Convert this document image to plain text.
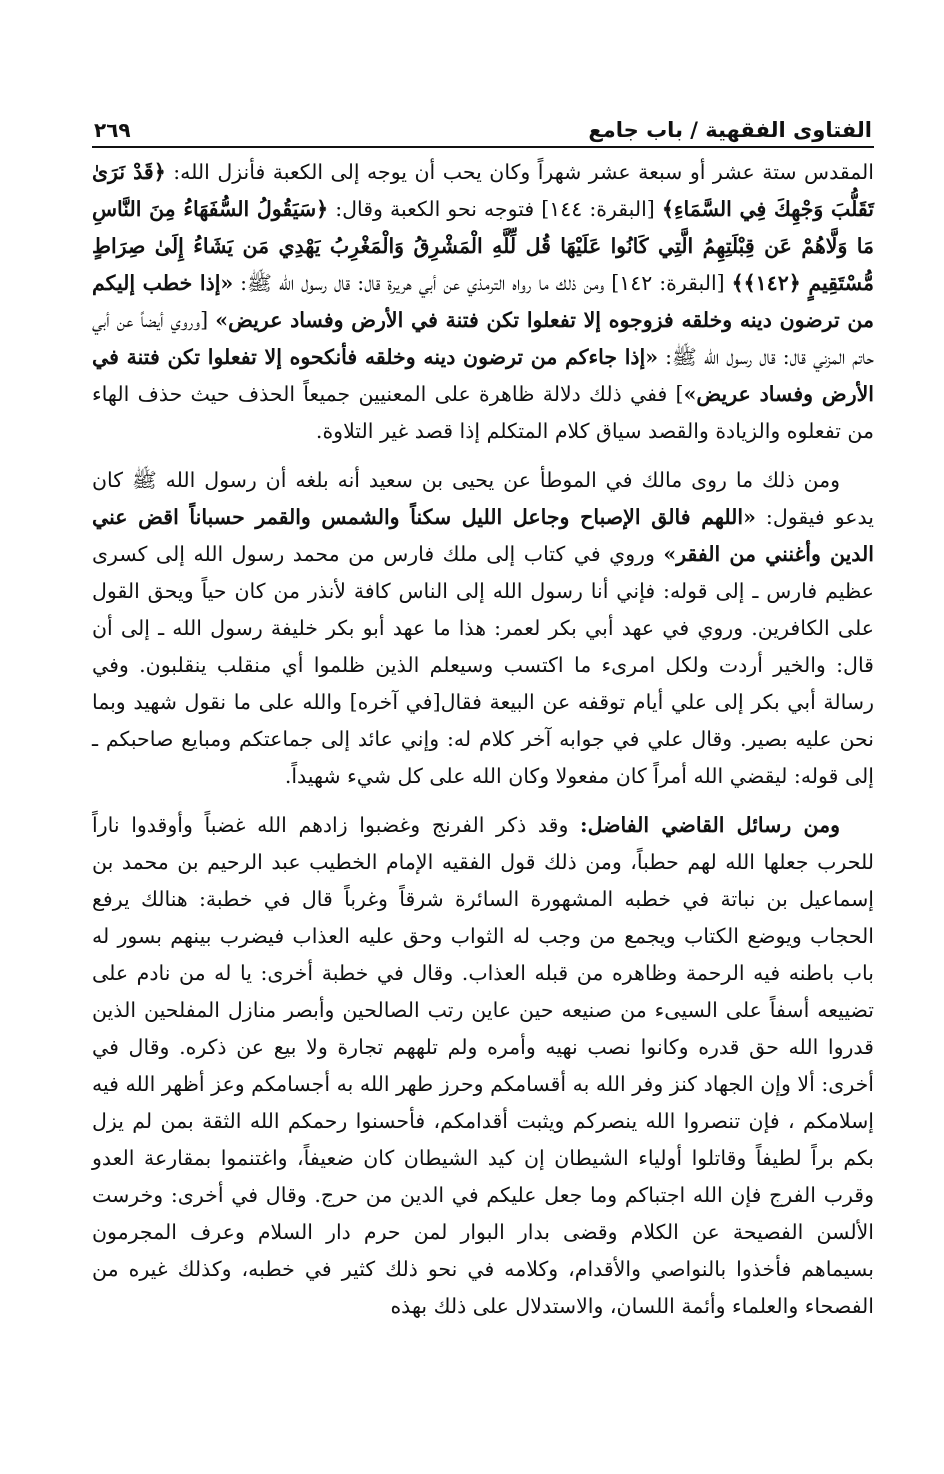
الفتاوى الفقهية / باب جامع
٢٦٩

المقدس ستة عشر أو سبعة عشر شهراً وكان يحب أن يوجه إلى الكعبة فأنزل الله: ﴿قَدْ نَرَىٰ تَقَلُّبَ وَجْهِكَ فِي السَّمَاءِ﴾ [البقرة: ١٤٤] فتوجه نحو الكعبة وقال: ﴿سَيَقُولُ السُّفَهَاءُ مِنَ النَّاسِ مَا وَلَّاهُمْ عَن قِبْلَتِهِمُ الَّتِي كَانُوا عَلَيْهَا قُل لِّلَّهِ الْمَشْرِقُ وَالْمَغْرِبُ يَهْدِي مَن يَشَاءُ إِلَىٰ صِرَاطٍ مُّسْتَقِيمٍ ﴿١٤٢﴾﴾ [البقرة: ١٤٢] ومن ذلك ما رواه الترمذي عن أبي هريرة قال: قال رسول الله ﷺ: «إذا خطب إليكم من ترضون دينه وخلقه فزوجوه إلا تفعلوا تكن فتنة في الأرض وفساد عريض» [وروي أيضاً عن أبي حاتم المزني قال: قال رسول الله ﷺ: «إذا جاءكم من ترضون دينه وخلقه فأنكحوه إلا تفعلوا تكن فتنة في الأرض وفساد عريض»] ففي ذلك دلالة ظاهرة على المعنيين جميعاً الحذف حيث حذف الهاء من تفعلوه والزيادة والقصد سياق كلام المتكلم إذا قصد غير التلاوة.

ومن ذلك ما روى مالك في الموطأ عن يحيى بن سعيد أنه بلغه أن رسول الله ﷺ كان يدعو فيقول: «اللهم فالق الإصباح وجاعل الليل سكناً والشمس والقمر حسباناً اقض عني الدين وأغنني من الفقر» وروي في كتاب إلى ملك فارس من محمد رسول الله إلى كسرى عظيم فارس ـ إلى قوله: فإني أنا رسول الله إلى الناس كافة لأنذر من كان حياً ويحق القول على الكافرين. وروي في عهد أبي بكر لعمر: هذا ما عهد أبو بكر خليفة رسول الله ـ إلى أن قال: والخير أردت ولكل امرىء ما اكتسب وسيعلم الذين ظلموا أي منقلب ينقلبون. وفي رسالة أبي بكر إلى علي أيام توقفه عن البيعة فقال[في آخره] والله على ما نقول شهيد وبما نحن عليه بصير. وقال علي في جوابه آخر كلام له: وإني عائد إلى جماعتكم ومبايع صاحبكم ـ إلى قوله: ليقضي الله أمراً كان مفعولا وكان الله على كل شيء شهيداً.

ومن رسائل القاضي الفاضل: وقد ذكر الفرنج وغضبوا زادهم الله غضباً وأوقدوا ناراً للحرب جعلها الله لهم حطباً، ومن ذلك قول الفقيه الإمام الخطيب عبد الرحيم بن محمد بن إسماعيل بن نباتة في خطبه المشهورة السائرة شرقاً وغرباً قال في خطبة: هنالك يرفع الحجاب ويوضع الكتاب ويجمع من وجب له الثواب وحق عليه العذاب فيضرب بينهم بسور له باب باطنه فيه الرحمة وظاهره من قبله العذاب. وقال في خطبة أخرى: يا له من نادم على تضييعه أسفاً على السيىء من صنيعه حين عاين رتب الصالحين وأبصر منازل المفلحين الذين قدروا الله حق قدره وكانوا نصب نهيه وأمره ولم تلههم تجارة ولا بيع عن ذكره. وقال في أخرى: ألا وإن الجهاد كنز وفر الله به أقسامكم وحرز طهر الله به أجسامكم وعز أظهر الله فيه إسلامكم ، فإن تنصروا الله ينصركم ويثبت أقدامكم، فأحسنوا رحمكم الله الثقة بمن لم يزل بكم براً لطيفاً وقاتلوا أولياء الشيطان إن كيد الشيطان كان ضعيفاً، واغتنموا بمقارعة العدو وقرب الفرج فإن الله اجتباكم وما جعل عليكم في الدين من حرج. وقال في أخرى: وخرست الألسن الفصيحة عن الكلام وقضى بدار البوار لمن حرم دار السلام وعرف المجرمون بسيماهم فأخذوا بالنواصي والأقدام، وكلامه في نحو ذلك كثير في خطبه، وكذلك غيره من الفصحاء والعلماء وأئمة اللسان، والاستدلال على ذلك بهذه
